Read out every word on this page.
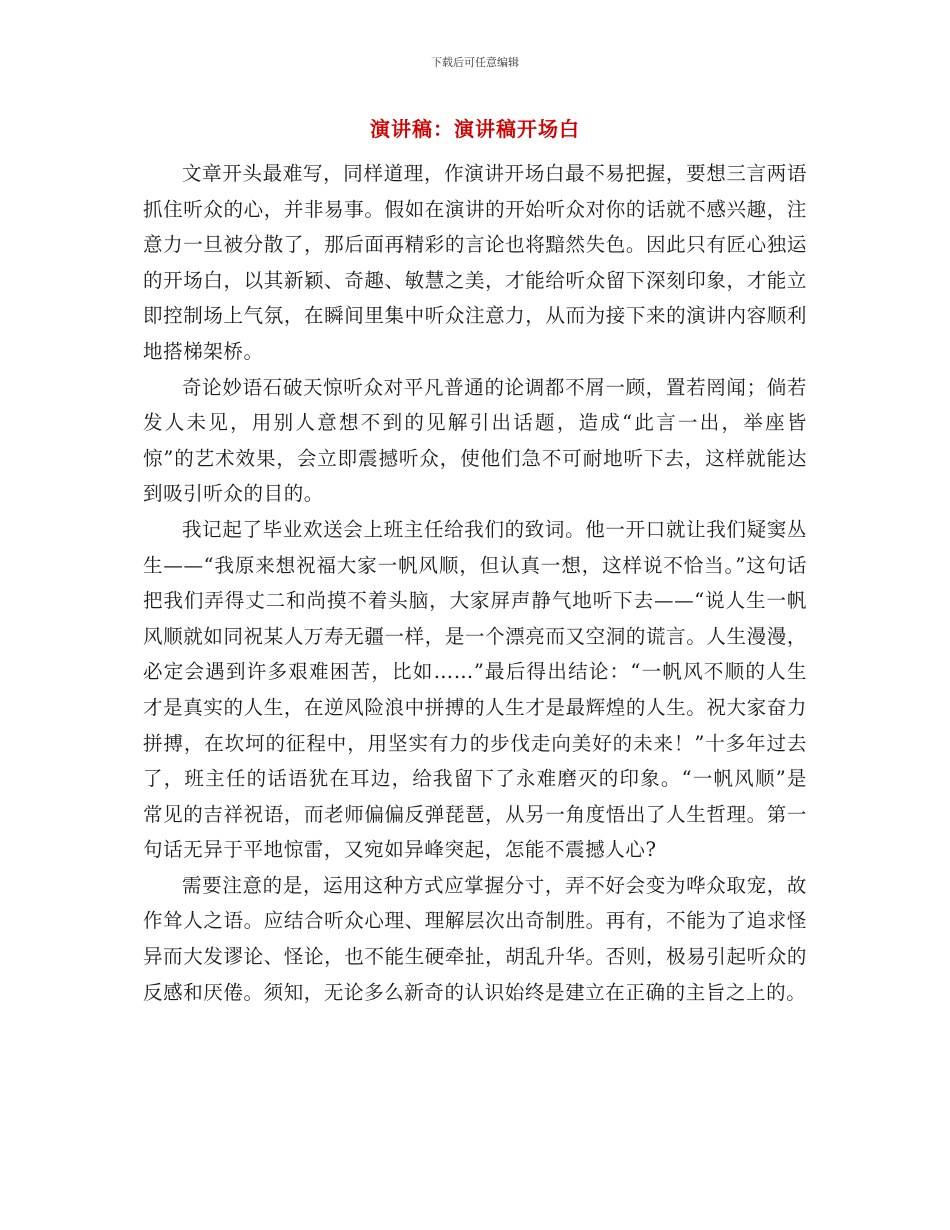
下载后可任意编辑
演讲稿：演讲稿开场白

文章开头最难写，同样道理，作演讲开场白最不易把握，要想三言两语抓住听众的心，并非易事。假如在演讲的开始听众对你的话就不感兴趣，注意力一旦被分散了，那后面再精彩的言论也将黯然失色。因此只有匠心独运的开场白，以其新颖、奇趣、敏慧之美，才能给听众留下深刻印象，才能立即控制场上气氛，在瞬间里集中听众注意力，从而为接下来的演讲内容顺利地搭梯架桥。

奇论妙语石破天惊听众对平凡普通的论调都不屑一顾，置若罔闻；倘若发人未见，用别人意想不到的见解引出话题，造成“此言一出，举座皆惊”的艺术效果，会立即震撼听众，使他们急不可耐地听下去，这样就能达到吸引听众的目的。

我记起了毕业欢送会上班主任给我们的致词。他一开口就让我们疑窦丛生——“我原来想祝福大家一帆风顺，但认真一想，这样说不恰当。”这句话把我们弄得丈二和尚摸不着头脑，大家屏声静气地听下去——“说人生一帆风顺就如同祝某人万寿无疆一样，是一个漂亮而又空洞的谎言。人生漫漫，必定会遇到许多艰难困苦，比如……”最后得出结论：“一帆风不顺的人生才是真实的人生，在逆风险浪中拼搏的人生才是最辉煌的人生。祝大家奋力拼搏，在坎坷的征程中，用坚实有力的步伐走向美好的未来！”十多年过去了，班主任的话语犹在耳边，给我留下了永难磨灭的印象。“一帆风顺”是常见的吉祥祝语，而老师偏偏反弹琵琶，从另一角度悟出了人生哲理。第一句话无异于平地惊雷，又宛如异峰突起，怎能不震撼人心?

需要注意的是，运用这种方式应掌握分寸，弄不好会变为哗众取宠，故作耸人之语。应结合听众心理、理解层次出奇制胜。再有，不能为了追求怪异而大发谬论、怪论，也不能生硬牵扯，胡乱升华。否则，极易引起听众的反感和厌倦。须知，无论多么新奇的认识始终是建立在正确的主旨之上的。
